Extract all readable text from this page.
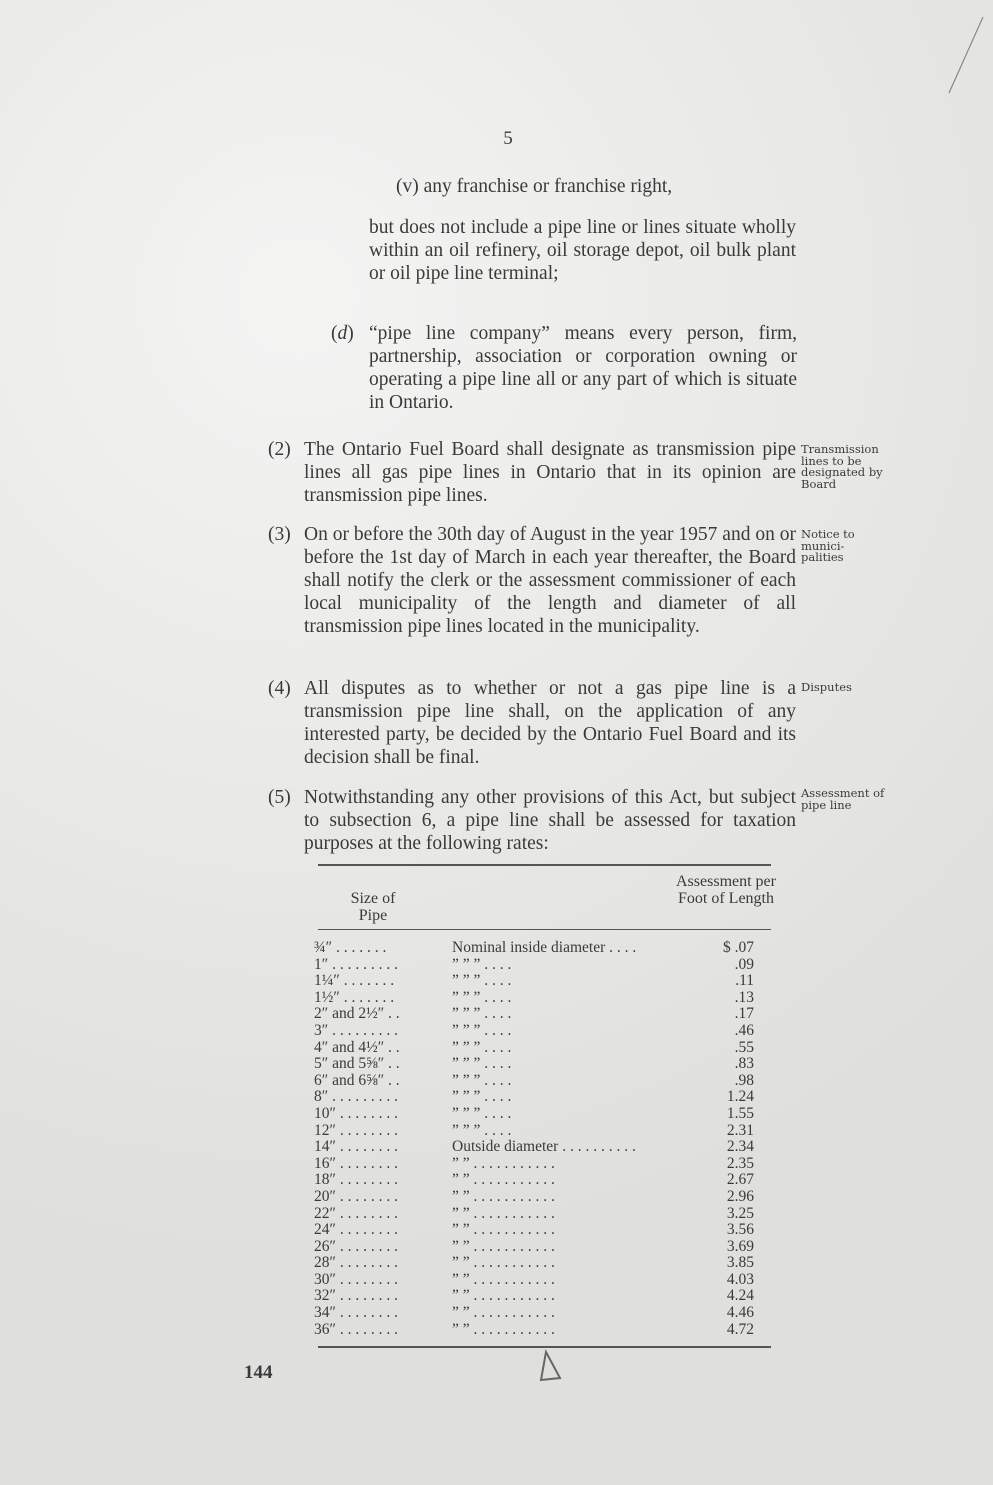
5
(v) any franchise or franchise right,
but does not include a pipe line or lines situate wholly within an oil refinery, oil storage depot, oil bulk plant or oil pipe line terminal;
(d) “pipe line company” means every person, firm, partnership, association or corporation owning or operating a pipe line all or any part of which is situate in Ontario.
(2) The Ontario Fuel Board shall designate as transmission pipe lines all gas pipe lines in Ontario that in its opinion are transmission pipe lines.
Transmission lines to be designated by Board
(3) On or before the 30th day of August in the year 1957 and on or before the 1st day of March in each year thereafter, the Board shall notify the clerk or the assessment commissioner of each local municipality of the length and diameter of all transmission pipe lines located in the municipality.
Notice to munici-palities
(4) All disputes as to whether or not a gas pipe line is a transmission pipe line shall, on the application of any interested party, be decided by the Ontario Fuel Board and its decision shall be final.
Disputes
(5) Notwithstanding any other provisions of this Act, but subject to subsection 6, a pipe line shall be assessed for taxation purposes at the following rates:
Assessment of pipe line
Size of Pipe
Assessment per Foot of Length
¾″ . . . . . . .	Nominal inside diameter . . . .	$ .07
1″ . . . . . . . . .	” ” ” . . . .	.09
1¼″ . . . . . . .	” ” ” . . . .	.11
1½″ . . . . . . .	” ” ” . . . .	.13
2″ and 2½″ . .	” ” ” . . . .	.17
3″ . . . . . . . . .	” ” ” . . . .	.46
4″ and 4½″ . .	” ” ” . . . .	.55
5″ and 5⅝″ . .	” ” ” . . . .	.83
6″ and 6⅝″ . .	” ” ” . . . .	.98
8″ . . . . . . . . .	” ” ” . . . .	1.24
10″ . . . . . . . .	” ” ” . . . .	1.55
12″ . . . . . . . .	” ” ” . . . .	2.31
14″ . . . . . . . .	Outside diameter . . . . . . . . . .	2.34
16″ . . . . . . . .	” ” . . . . . . . . . . .	2.35
18″ . . . . . . . .	” ” . . . . . . . . . . .	2.67
20″ . . . . . . . .	” ” . . . . . . . . . . .	2.96
22″ . . . . . . . .	” ” . . . . . . . . . . .	3.25
24″ . . . . . . . .	” ” . . . . . . . . . . .	3.56
26″ . . . . . . . .	” ” . . . . . . . . . . .	3.69
28″ . . . . . . . .	” ” . . . . . . . . . . .	3.85
30″ . . . . . . . .	” ” . . . . . . . . . . .	4.03
32″ . . . . . . . .	” ” . . . . . . . . . . .	4.24
34″ . . . . . . . .	” ” . . . . . . . . . . .	4.46
36″ . . . . . . . .	” ” . . . . . . . . . . .	4.72
144
